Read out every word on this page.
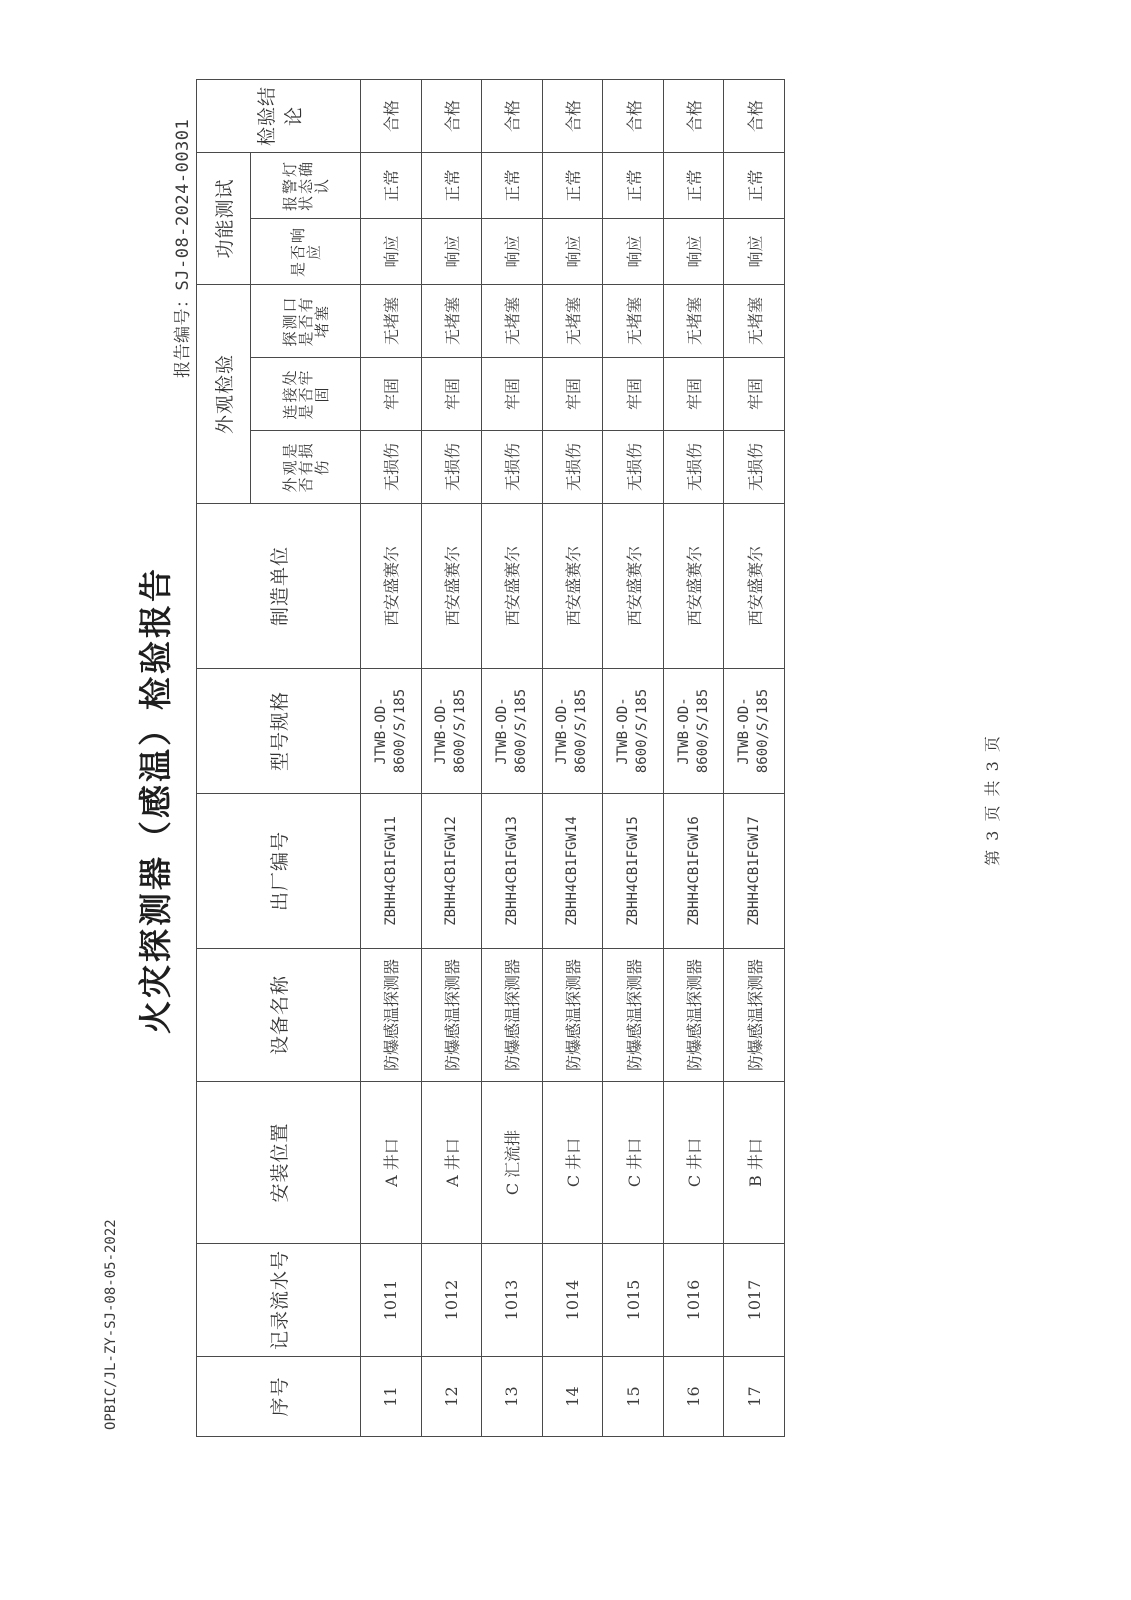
OPBIC/JL-ZY-SJ-08-05-2022
火灾探测器（感温）检验报告
报告编号：SJ-08-2024-00301
序号	记录流水号	安装位置	设备名称	出厂编号	型号规格	制造单位	外观检验			功能测试		检验结论
							外观是否有损伤	连接处是否牢固	探测口是否有堵塞	是否响应	报警灯状态确认	
11	1011	A 井口	防爆感温探测器	ZBHH4CB1FGW11	JTWB-OD-8600/S/185	西安盛赛尔	无损伤	牢固	无堵塞	响应	正常	合格
12	1012	A 井口	防爆感温探测器	ZBHH4CB1FGW12	JTWB-OD-8600/S/185	西安盛赛尔	无损伤	牢固	无堵塞	响应	正常	合格
13	1013	C 汇流排	防爆感温探测器	ZBHH4CB1FGW13	JTWB-OD-8600/S/185	西安盛赛尔	无损伤	牢固	无堵塞	响应	正常	合格
14	1014	C 井口	防爆感温探测器	ZBHH4CB1FGW14	JTWB-OD-8600/S/185	西安盛赛尔	无损伤	牢固	无堵塞	响应	正常	合格
15	1015	C 井口	防爆感温探测器	ZBHH4CB1FGW15	JTWB-OD-8600/S/185	西安盛赛尔	无损伤	牢固	无堵塞	响应	正常	合格
16	1016	C 井口	防爆感温探测器	ZBHH4CB1FGW16	JTWB-OD-8600/S/185	西安盛赛尔	无损伤	牢固	无堵塞	响应	正常	合格
17	1017	B 井口	防爆感温探测器	ZBHH4CB1FGW17	JTWB-OD-8600/S/185	西安盛赛尔	无损伤	牢固	无堵塞	响应	正常	合格
第 3 页 共 3 页
